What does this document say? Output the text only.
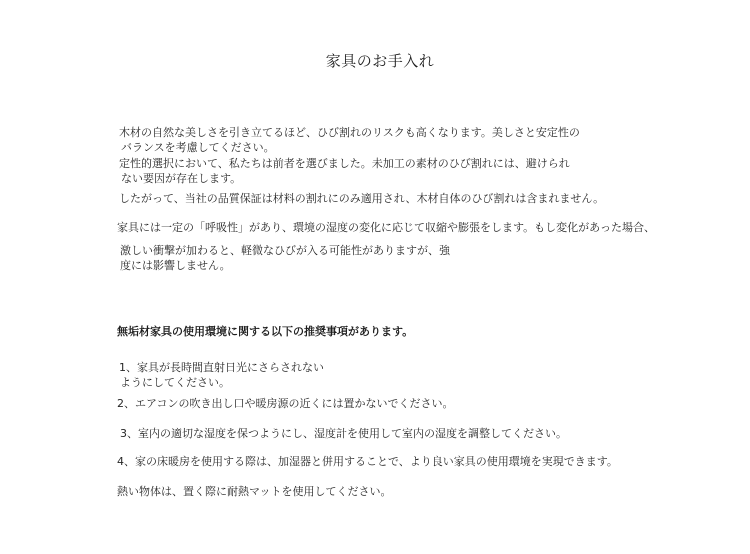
家具のお手入れ
木材の自然な美しさを引き立てるほど、ひび割れのリスクも高くなります。美しさと安定性の
バランスを考慮してください。
定性的選択において、私たちは前者を選びました。未加工の素材のひび割れには、避けられ
ない要因が存在します。
したがって、当社の品質保証は材料の割れにのみ適用され、木材自体のひび割れは含まれません。
家具には一定の「呼吸性」があり、環境の湿度の変化に応じて収縮や膨張をします。もし変化があった場合、
激しい衝撃が加わると、軽微なひびが入る可能性がありますが、強
度には影響しません。
無垢材家具の使用環境に関する以下の推奨事項があります。
1、家具が長時間直射日光にさらされない
ようにしてください。
2、エアコンの吹き出し口や暖房源の近くには置かないでください。
3、室内の適切な湿度を保つようにし、湿度計を使用して室内の湿度を調整してください。
4、家の床暖房を使用する際は、加湿器と併用することで、より良い家具の使用環境を実現できます。
熱い物体は、置く際に耐熱マットを使用してください。
